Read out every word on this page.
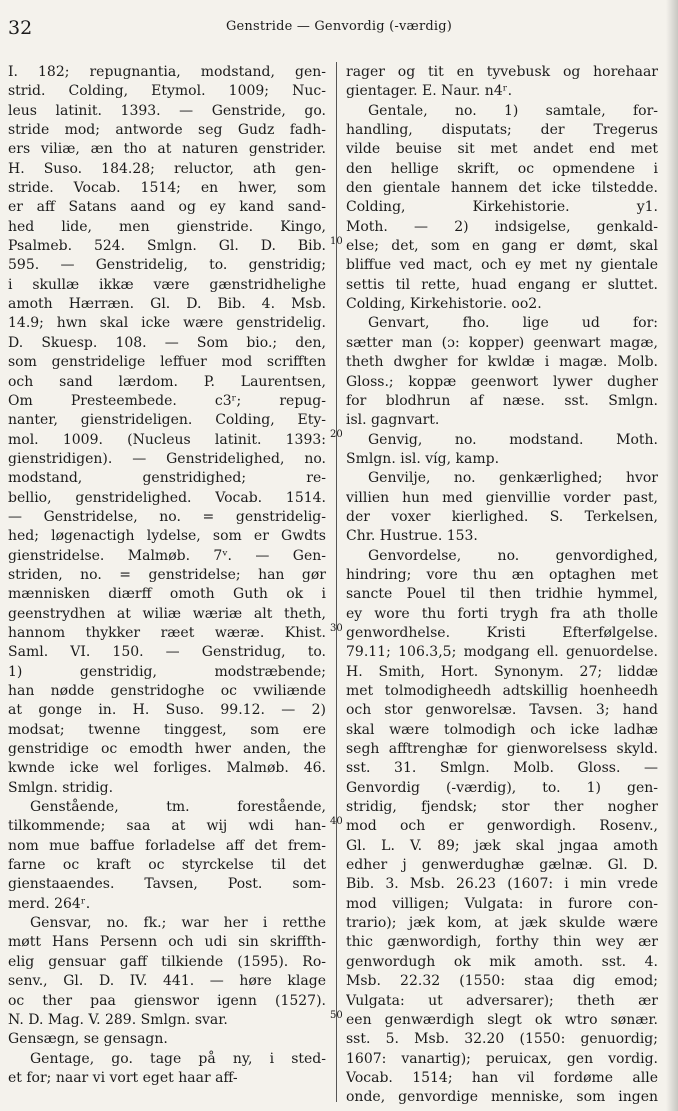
32	Genstride — Genvordig (-værdig)
I. 182; repugnantia, modstand, gen-
strid. Colding, Etymol. 1009; Nuc-
leus latinit. 1393. — Genstride, go.
stride mod; antworde seg Gudz fadh-
ers viliæ, æn tho at naturen genstrider.
H. Suso. 184.28; reluctor, ath gen-
stride. Vocab. 1514; en hwer, som
er aff Satans aand og ey kand sand-
hed lide, men gienstride. Kingo,
Psalmeb. 524. Smlgn. Gl. D. Bib.
595. — Genstridelig, to. genstridig;
i skullæ ikkæ være gænstridhelighe
amoth Hærræn. Gl. D. Bib. 4. Msb.
14.9; hwn skal icke wære genstridelig.
D. Skuesp. 108. — Som bio.; den,
som genstridelige leffuer mod scrifften
och sand lærdom. P. Laurentsen,
Om Presteembede. c3ʳ; repug-
nanter, gienstrideligen. Colding, Ety-
mol. 1009. (Nucleus latinit. 1393:
gienstridigen). — Genstridelighed, no.
modstand, genstridighed; re-
bellio, genstridelighed. Vocab. 1514.
— Genstridelse, no. = genstridelig-
hed; løgenactigh lydelse, som er Gwdts
gienstridelse. Malmøb. 7ᵛ. — Gen-
striden, no. = genstridelse; han gør
mænnisken diærff omoth Guth ok i
geenstrydhen at wiliæ wæriæ alt theth,
hannom thykker ræet wæræ. Khist.
Saml. VI. 150. — Genstridug, to.
1) genstridig, modstræbende;
han nødde genstridoghe oc vwiliænde
at gonge in. H. Suso. 99.12. — 2)
modsat; twenne tinggest, som ere
genstridige oc emodth hwer anden, the
kwnde icke wel forliges. Malmøb. 46.
Smlgn. stridig.
Genstående, tm. forestående,
tilkommende; saa at wij wdi han-
nom mue baffue forladelse aff det frem-
farne oc kraft oc styrckelse til det
gienstaaendes. Tavsen, Post. som-
merd. 264ʳ.
Gensvar, no. fk.; war her i retthe
møtt Hans Persenn och udi sin skriffth-
elig gensuar gaff tilkiende (1595). Ro-
senv., Gl. D. IV. 441. — høre klage
oc ther paa gienswor igenn (1527).
N. D. Mag. V. 289. Smlgn. svar.
Gensægn, se gensagn.
Gentage, go. tage på ny, i sted-
et for; naar vi vort eget haar aff-
rager og tit en tyvebusk og horehaar
gientager. E. Naur. n4ʳ.
Gentale, no. 1) samtale, for-
handling, disputats; der Tregerus
vilde beuise sit met andet end met
den hellige skrift, oc opmendene i
den gientale hannem det icke tilstedde.
Colding, Kirkehistorie. y1.
Moth. — 2) indsigelse, genkald-
else; det, som en gang er dømt, skal
bliffue ved mact, och ey met ny gientale
settis til rette, huad engang er sluttet.
Colding, Kirkehistorie. oo2.
Genvart, fho. lige ud for:
sætter man (ɔ: kopper) geenwart magæ,
theth dwgher for kwldæ i magæ. Molb.
Gloss.; koppæ geenwort lywer dugher
for blodhrun af næse. sst. Smlgn.
isl. gagnvart.
Genvig, no. modstand. Moth.
Smlgn. isl. víg, kamp.
Genvilje, no. genkærlighed; hvor
villien hun med gienvillie vorder past,
der voxer kierlighed. S. Terkelsen,
Chr. Hustrue. 153.
Genvordelse, no. genvordighed,
hindring; vore thu æn optaghen met
sancte Pouel til then tridhie hymmel,
ey wore thu forti trygh fra ath tholle
genwordhelse. Kristi Efterfølgelse.
79.11; 106.3,5; modgang ell. genuordelse.
H. Smith, Hort. Synonym. 27; liddæ
met tolmodigheedh adtskillig hoenheedh
och stor genworelsæ. Tavsen. 3; hand
skal wære tolmodigh och icke ladhæ
segh afftrenghæ for gienworelsess skyld.
sst. 31. Smlgn. Molb. Gloss. —
Genvordig (-værdig), to. 1) gen-
stridig, fjendsk; stor ther nogher
mod och er genwordigh. Rosenv.,
Gl. L. V. 89; jæk skal jngaa amoth
edher j genwerdughæ gælnæ. Gl. D.
Bib. 3. Msb. 26.23 (1607: i min vrede
mod villigen; Vulgata: in furore con-
trario); jæk kom, at jæk skulde wære
thic gænwordigh, forthy thin wey ær
genwordugh ok mik amoth. sst. 4.
Msb. 22.32 (1550: staa dig emod;
Vulgata: ut adversarer); theth ær
een genwærdigh slegt ok wtro sønær.
sst. 5. Msb. 32.20 (1550: genuordig;
1607: vanartig); peruicax, gen vordig.
Vocab. 1514; han vil fordøme alle
onde, genvordige menniske, som ingen
10
20
30
40
50
